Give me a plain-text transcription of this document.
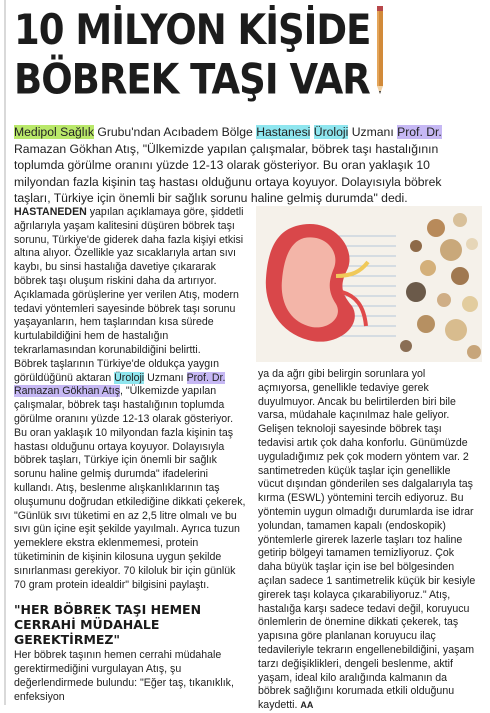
10 MİLYON KİŞİDE
BÖBREK TAŞI VAR
Medipol Sağlık Grubu'ndan Acıbadem Bölge Hastanesi Üroloji Uzmanı Prof. Dr. Ramazan Gökhan Atış, "Ülkemizde yapılan çalışmalar, böbrek taşı hastalığının toplumda görülme oranını yüzde 12-13 olarak gösteriyor. Bu oran yaklaşık 10 milyondan fazla kişinin taş hastası olduğunu ortaya koyuyor. Dolayısıyla böbrek taşları, Türkiye için önemli bir sağlık sorunu haline gelmiş durumda" dedi.

HASTANEDEN yapılan açıklamaya göre, şiddetli ağrılarıyla yaşam kalitesini düşüren böbrek taşı sorunu, Türkiye'de giderek daha fazla kişiyi etkisi altına alıyor. Özellikle yaz sıcaklarıyla artan sıvı kaybı, bu sinsi hastalığa davetiye çıkararak böbrek taşı oluşum riskini daha da artırıyor. Açıklamada görüşlerine yer verilen Atış, modern tedavi yöntemleri sayesinde böbrek taşı sorunu yaşayanların, hem taşlarından kısa sürede kurtulabildiğini hem de hastalığın tekrarlamasından korunabildiğini belirtti.

Böbrek taşlarının Türkiye'de oldukça yaygın görüldüğünü aktaran Üroloji Uzmanı Prof. Dr. Ramazan Gökhan Atış, "Ülkemizde yapılan çalışmalar, böbrek taşı hastalığının toplumda görülme oranını yüzde 12-13 olarak gösteriyor. Bu oran yaklaşık 10 milyondan fazla kişinin taş hastası olduğunu ortaya koyuyor. Dolayısıyla böbrek taşları, Türkiye için önemli bir sağlık sorunu haline gelmiş durumda" ifadelerini kullandı. Atış, beslenme alışkanlıklarının taş oluşumunu doğrudan etkilediğine dikkati çekerek, "Günlük sıvı tüketimi en az 2,5 litre olmalı ve bu sıvı gün içine eşit şekilde yayılmalı. Ayrıca tuzun yemeklere ekstra eklenmemesi, protein tüketiminin de kişinin kilosuna uygun şekilde sınırlanması gerekiyor. 70 kiloluk bir için günlük 70 gram protein idealdir" bilgisini paylaştı.

"HER BÖBREK TAŞI HEMEN CERRAHİ MÜDAHALE GEREKTİRMEZ"

Her böbrek taşının hemen cerrahi müdahale gerektirmediğini vurgulayan Atış, şu değerlendirmede bulundu: "Eğer taş, tıkanıklık, enfeksiyon

ya da ağrı gibi belirgin sorunlara yol açmıyorsa, genellikle tedaviye gerek duyulmuyor. Ancak bu belirtilerden biri bile varsa, müdahale kaçınılmaz hale geliyor. Gelişen teknoloji sayesinde böbrek taşı tedavisi artık çok daha konforlu. Günümüzde uyguladığımız pek çok modern yöntem var. 2 santimetreden küçük taşlar için genellikle vücut dışından gönderilen ses dalgalarıyla taş kırma (ESWL) yöntemini tercih ediyoruz. Bu yöntemin uygun olmadığı durumlarda ise idrar yolundan, tamamen kapalı (endoskopik) yöntemlerle girerek lazerle taşları toz haline getirip bölgeyi tamamen temizliyoruz. Çok daha büyük taşlar için ise bel bölgesinden açılan sadece 1 santimetrelik küçük bir kesiyle girerek taşı kolayca çıkarabiliyoruz." Atış, hastalığa karşı sadece tedavi değil, koruyucu önlemlerin de önemine dikkati çekerek, taş yapısına göre planlanan koruyucu ilaç tedavileriyle tekrarın engellenebildiğini, yaşam tarzı değişiklikleri, dengeli beslenme, aktif yaşam, ideal kilo aralığında kalmanın da böbrek sağlığını korumada etkili olduğunu kaydetti. AA
